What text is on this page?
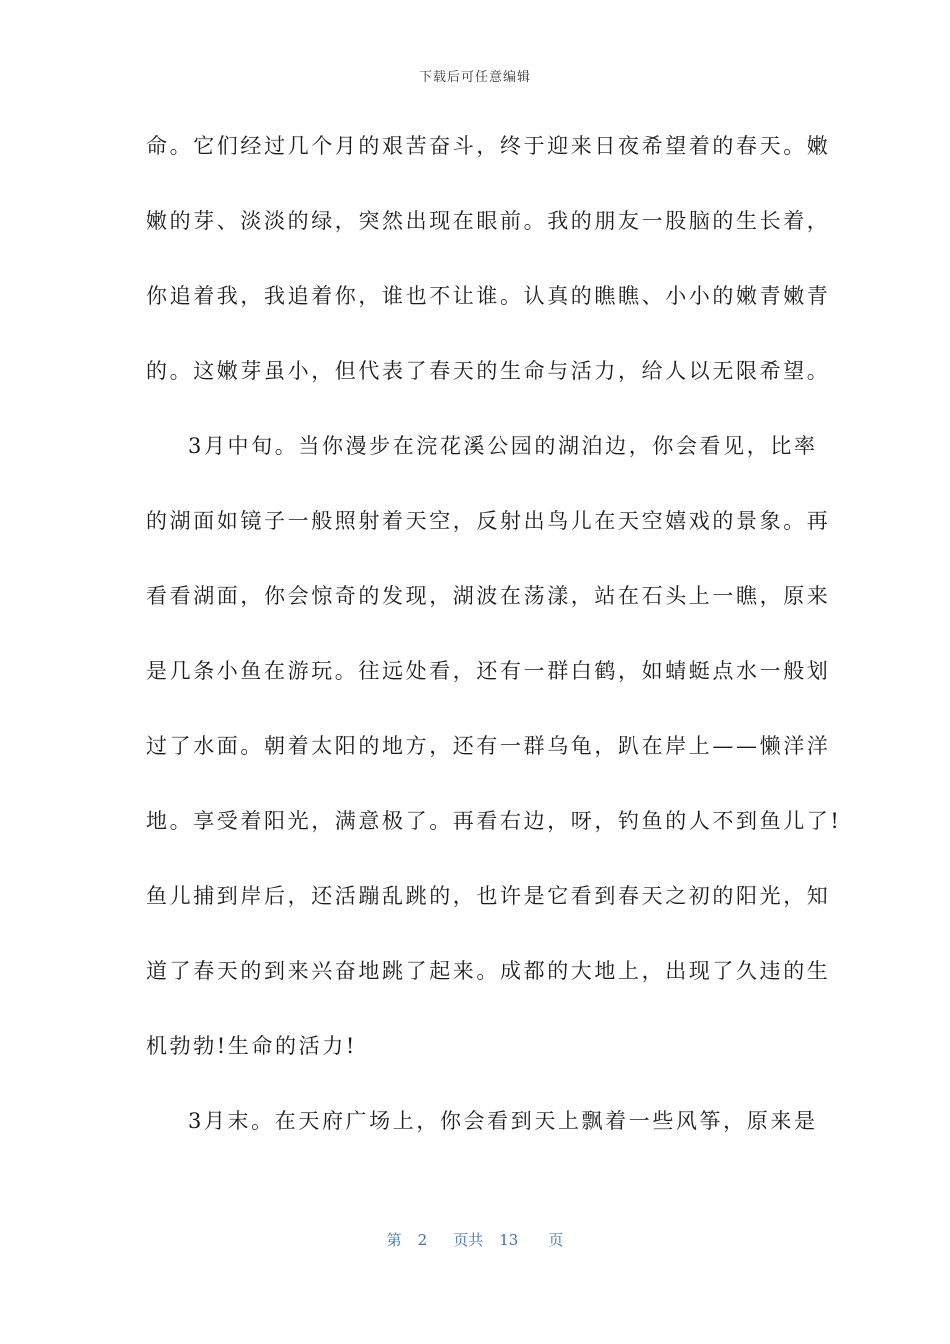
下载后可任意编辑
命。它们经过几个月的艰苦奋斗，终于迎来日夜希望着的春天。嫩
嫩的芽、淡淡的绿，突然出现在眼前。我的朋友一股脑的生长着，
你追着我，我追着你，谁也不让谁。认真的瞧瞧、小小的嫩青嫩青
的。这嫩芽虽小，但代表了春天的生命与活力，给人以无限希望。
3月中旬。当你漫步在浣花溪公园的湖泊边，你会看见，比率
的湖面如镜子一般照射着天空，反射出鸟儿在天空嬉戏的景象。再
看看湖面，你会惊奇的发现，湖波在荡漾，站在石头上一瞧，原来
是几条小鱼在游玩。往远处看，还有一群白鹤，如蜻蜓点水一般划
过了水面。朝着太阳的地方，还有一群乌龟，趴在岸上——懒洋洋
地。享受着阳光，满意极了。再看右边，呀，钓鱼的人不到鱼儿了!
鱼儿捕到岸后，还活蹦乱跳的，也许是它看到春天之初的阳光，知
道了春天的到来兴奋地跳了起来。成都的大地上，出现了久违的生
机勃勃!生命的活力!
3月末。在天府广场上，你会看到天上飘着一些风筝，原来是
第 2 页共 13 页
